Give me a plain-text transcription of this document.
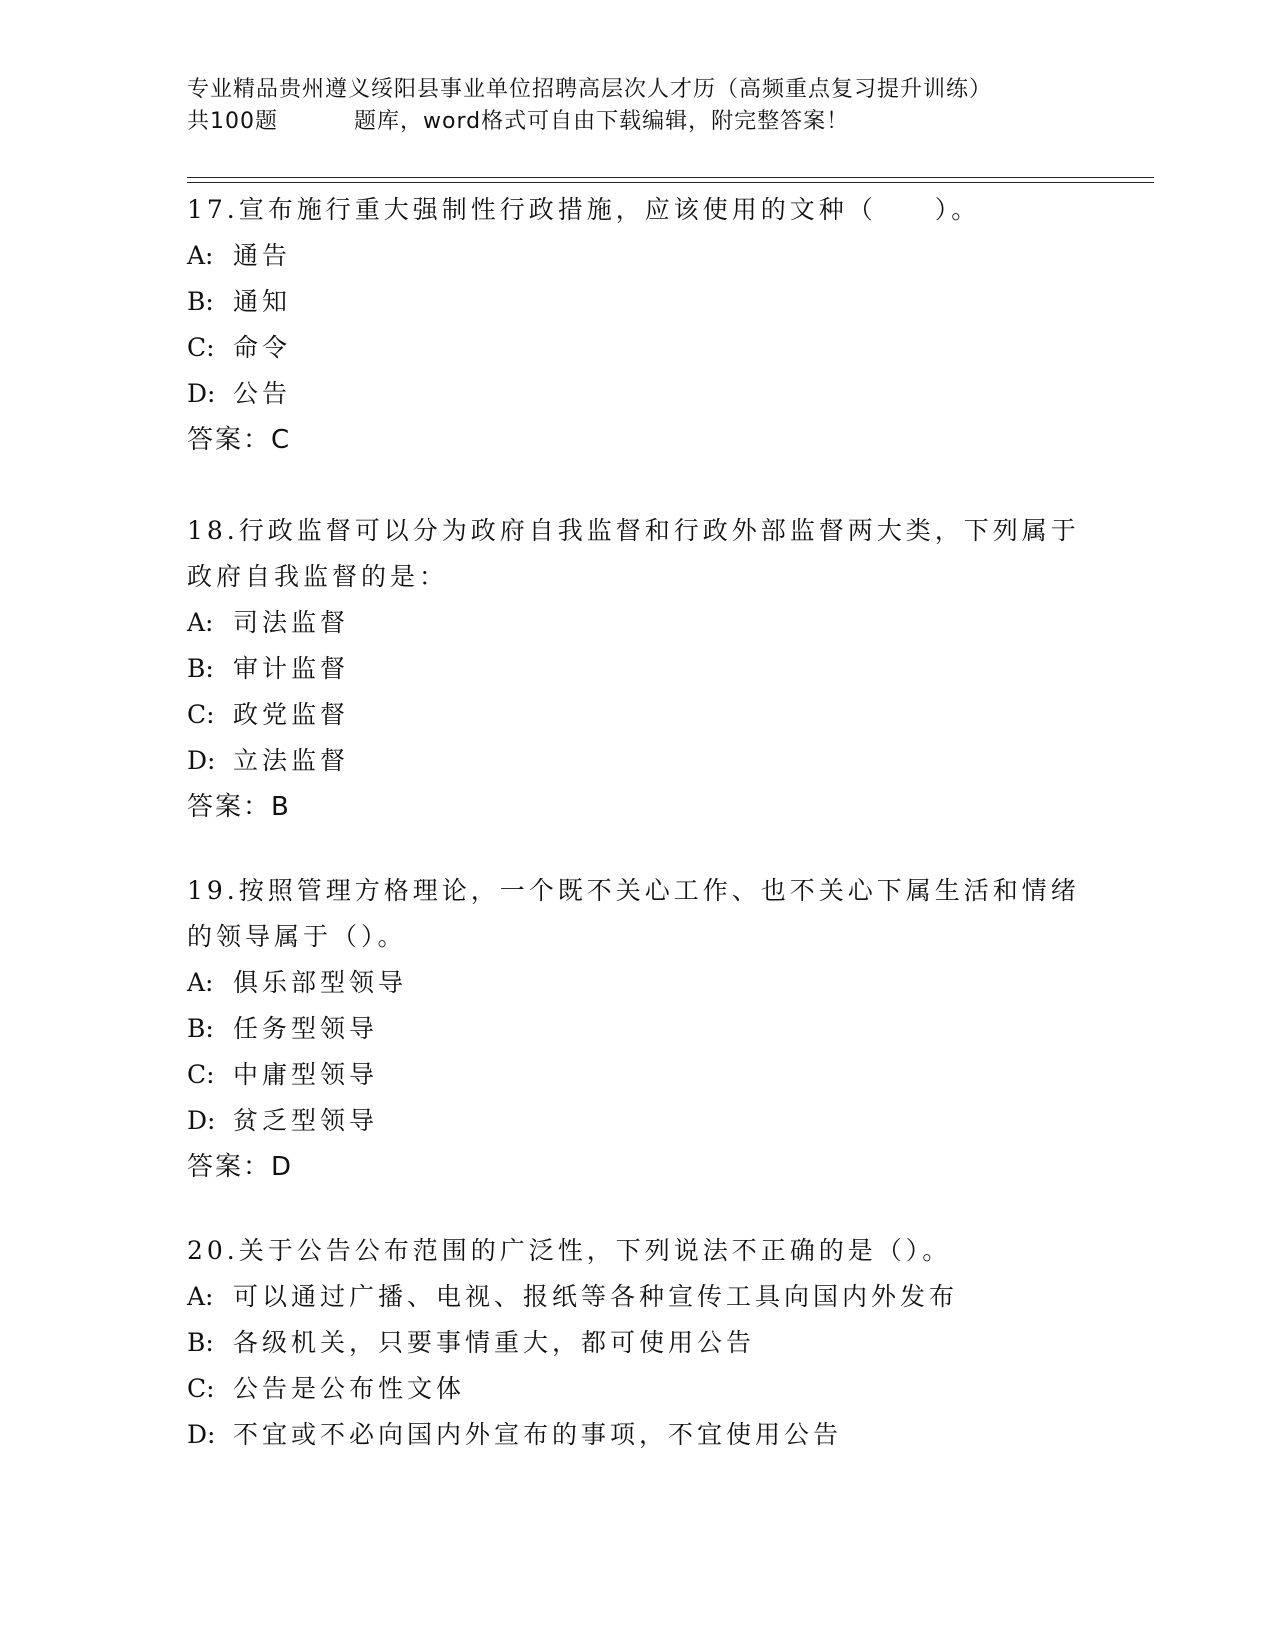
专业精品贵州遵义绥阳县事业单位招聘高层次人才历（高频重点复习提升训练）
共100题	题库，word格式可自由下载编辑，附完整答案！

17.宣布施行重大强制性行政措施，应该使用的文种（　　）。

A: 通告
B: 通知
C: 命令
D: 公告
答案：C

18.行政监督可以分为政府自我监督和行政外部监督两大类，下列属于政府自我监督的是：

A: 司法监督
B: 审计监督
C: 政党监督
D: 立法监督
答案：B

19.按照管理方格理论，一个既不关心工作、也不关心下属生活和情绪的领导属于（）。

A: 俱乐部型领导
B: 任务型领导
C: 中庸型领导
D: 贫乏型领导
答案：D

20.关于公告公布范围的广泛性，下列说法不正确的是（）。

A: 可以通过广播、电视、报纸等各种宣传工具向国内外发布
B: 各级机关，只要事情重大，都可使用公告
C: 公告是公布性文体
D: 不宜或不必向国内外宣布的事项，不宜使用公告
